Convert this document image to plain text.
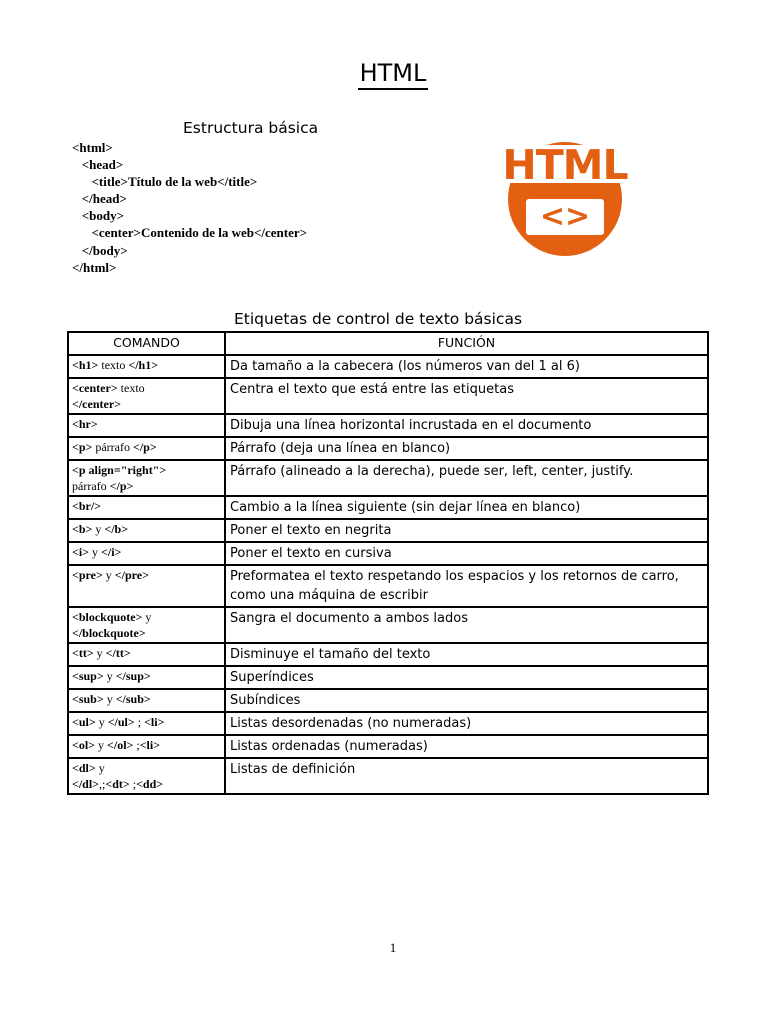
HTML
Estructura básica
<html>
<head>
<title>Título de la web</title>
</head>
<body>
<center>Contenido de la web</center>
</body>
</html>
HTML
<>
Etiquetas de control de texto básicas
COMANDO	FUNCIÓN
<h1> texto </h1>	Da tamaño a la cabecera (los números van del 1 al 6)
<center> texto
</center>	Centra el texto que está entre las etiquetas
<hr>	Dibuja una línea horizontal incrustada en el documento
<p> párrafo </p>	Párrafo (deja una línea en blanco)
<p align="right">
párrafo </p>	Párrafo (alineado a la derecha), puede ser, left, center, justify.
<br/>	Cambio a la línea siguiente (sin dejar línea en blanco)
<b> y </b>	Poner el texto en negrita
<i> y </i>	Poner el texto en cursiva
<pre> y </pre>	Preformatea el texto respetando los espacios y los retornos de carro, como una máquina de escribir
<blockquote> y
</blockquote>	Sangra el documento a ambos lados
<tt> y </tt>	Disminuye el tamaño del texto
<sup> y </sup>	Superíndices
<sub> y </sub>	Subíndices
<ul> y </ul> ; <li>	Listas desordenadas (no numeradas)
<ol> y </ol> ;<li>	Listas ordenadas (numeradas)
<dl> y
</dl>,;<dt> ;<dd>	Listas de definición
1
